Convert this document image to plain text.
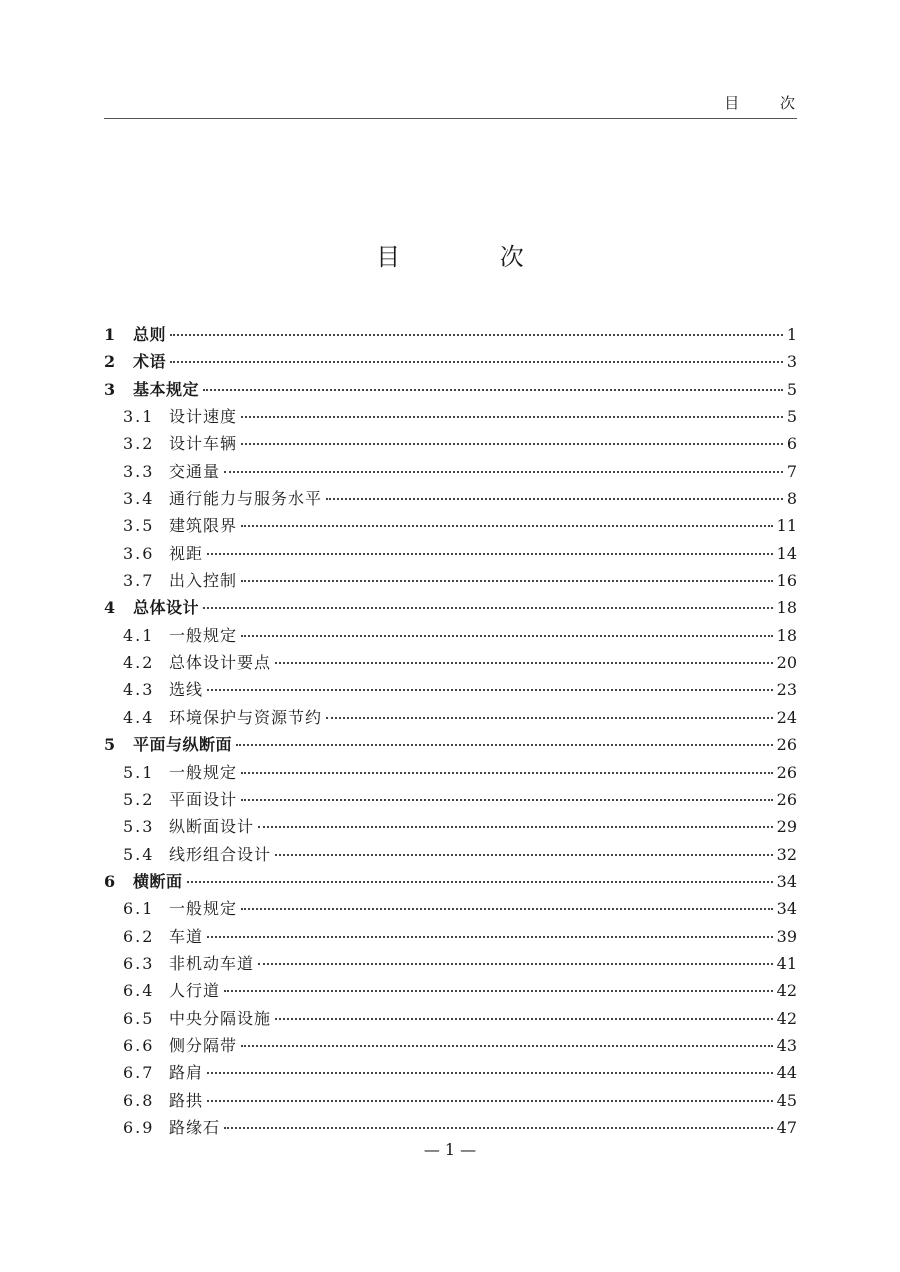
目 次
目 次
1	总则	1
2	术语	3
3	基本规定	5
3.1 设计速度	5
3.2 设计车辆	6
3.3 交通量	7
3.4 通行能力与服务水平	8
3.5 建筑限界	11
3.6 视距	14
3.7 出入控制	16
4	总体设计	18
4.1 一般规定	18
4.2 总体设计要点	20
4.3 选线	23
4.4 环境保护与资源节约	24
5	平面与纵断面	26
5.1 一般规定	26
5.2 平面设计	26
5.3 纵断面设计	29
5.4 线形组合设计	32
6	横断面	34
6.1 一般规定	34
6.2 车道	39
6.3 非机动车道	41
6.4 人行道	42
6.5 中央分隔设施	42
6.6 侧分隔带	43
6.7 路肩	44
6.8 路拱	45
6.9 路缘石	47
— 1 —
